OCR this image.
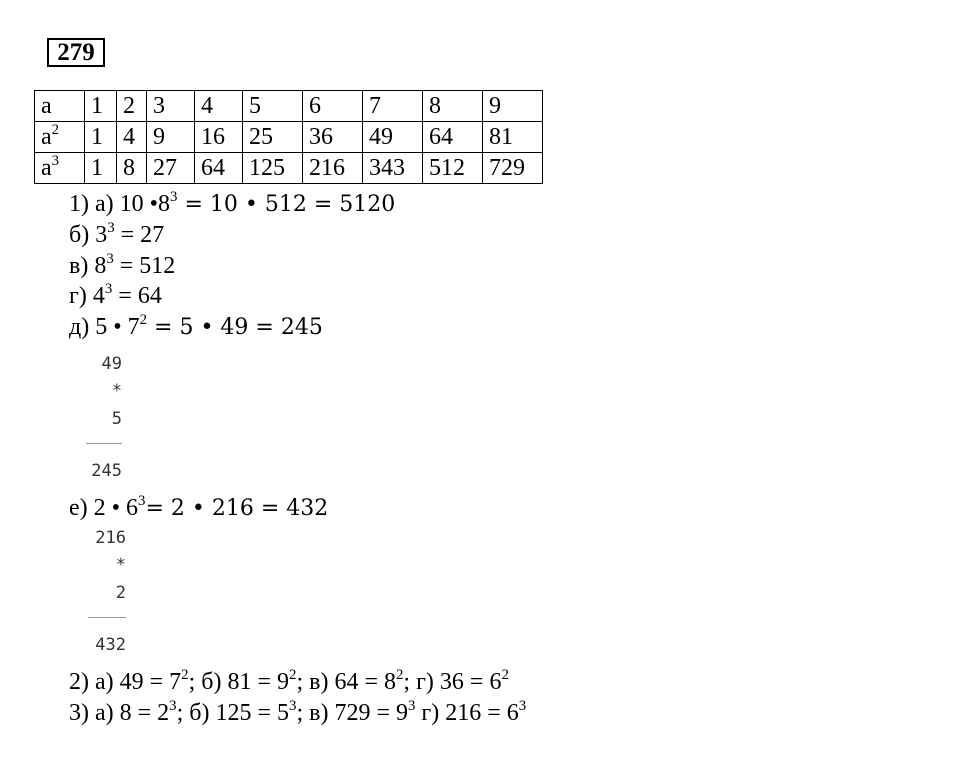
279
a	1	2	3	4	5	6	7	8	9
$a^2$	1	4	9	16	25	36	49	64	81
$a^3$	1	8	27	64	125	216	343	512	729
1) а) 10 $•8^3 = 10$ • 512 = 5120
б) $3^3 = 27$
в) $8^3 = 512$
г) $4^3 = 64$
д) 5 • $7^2 = 5$ • 49 = 245
49
*
5
245
е) 2 • $6^3= 2$ • 216 = 432
216
*
2
432
2) а) $49 = 7^2$; б) $81 = 9^2$; в) $64 = 8^2$; г) $36 = 6^2$
3) а) $8 = 2^3$; б) $125 = 5^3$; в) $729 = 9^3$ г) $216 = 6^3$
